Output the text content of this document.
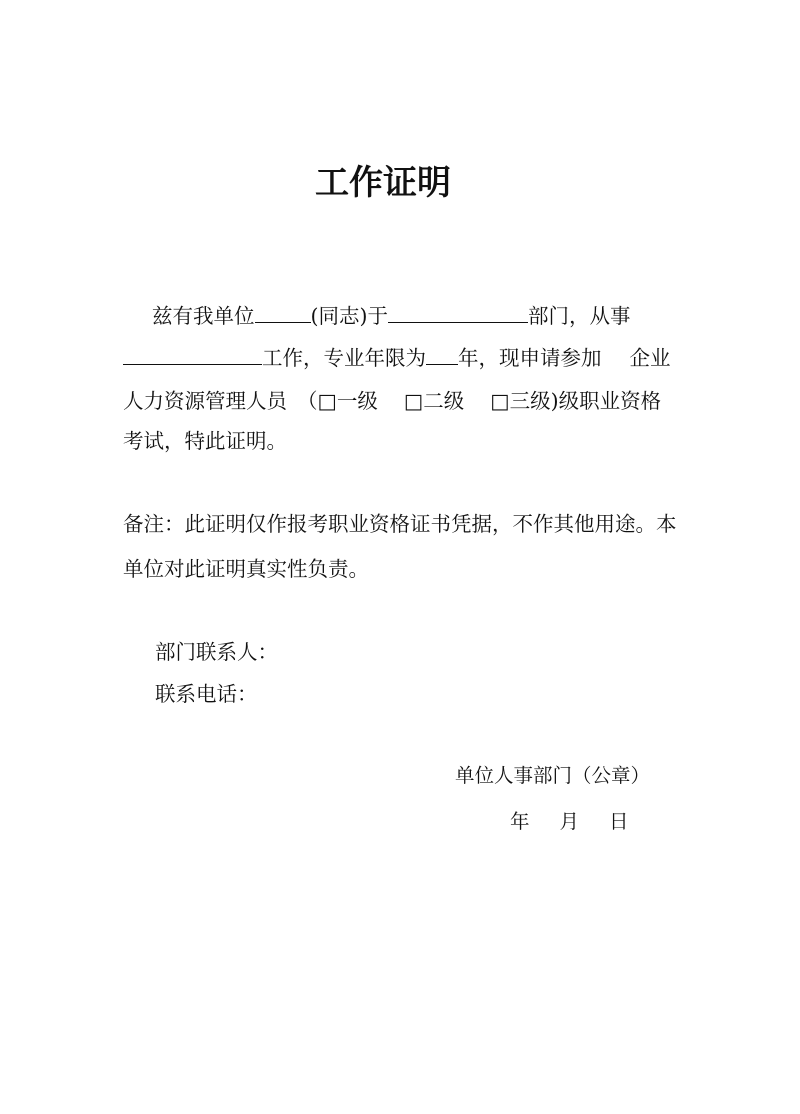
工作证明
兹有我单位	(同志)于	部门，从事
工作，专业年限为 年，现申请参加 企业
人力资源管理人员 （□一级 □二级 □三级)级职业资格
考试，特此证明。
备注：此证明仅作报考职业资格证书凭据，不作其他用途。本
单位对此证明真实性负责。
部门联系人：
联系电话：
单位人事部门（公章）
年 月 日
